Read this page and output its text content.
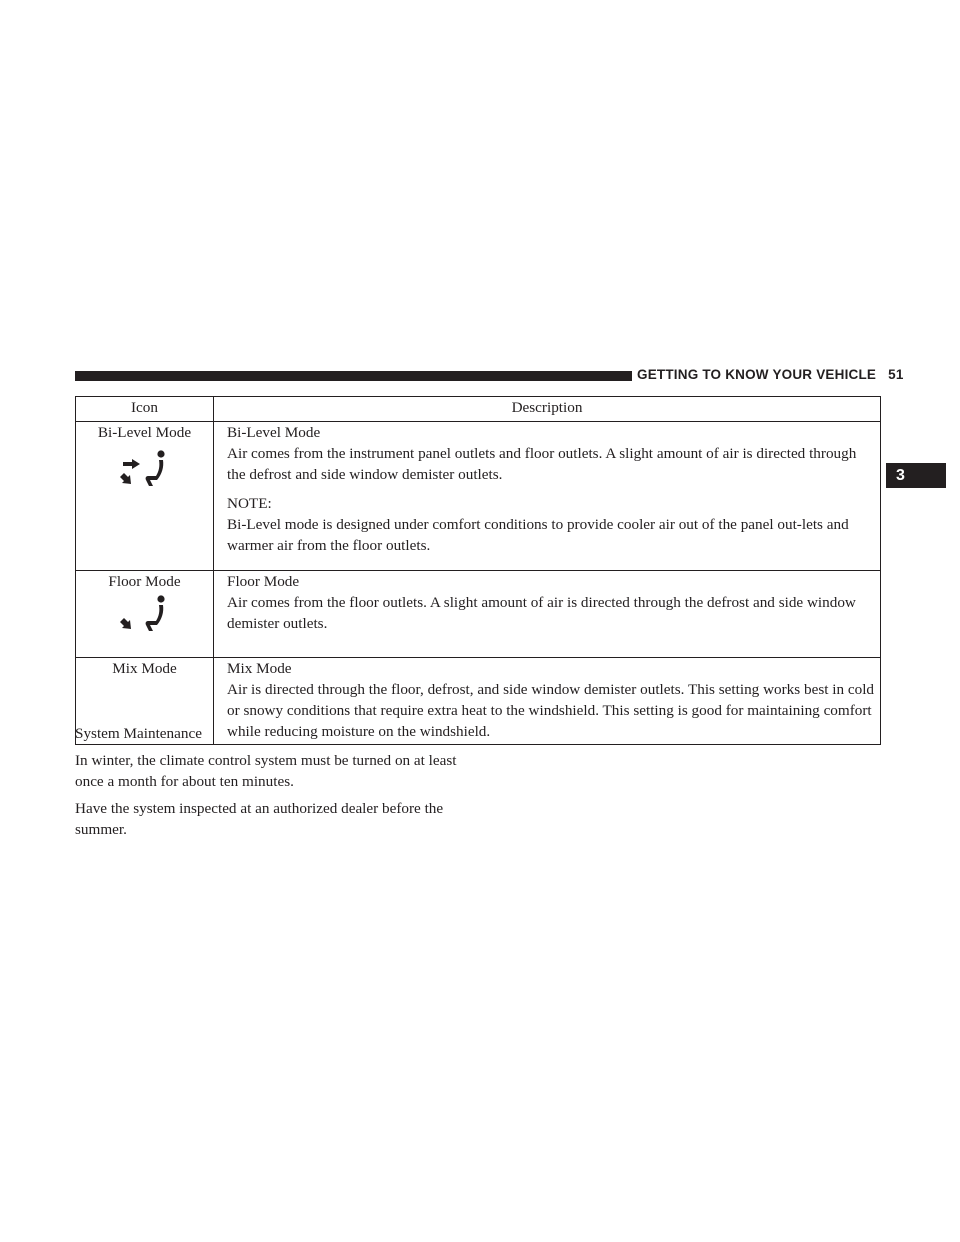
GETTING TO KNOW YOUR VEHICLE 51
3
Icon	Description

Bi-Level Mode	Bi-Level Mode
Air comes from the instrument panel outlets and floor outlets. A slight amount of air is directed through the defrost and side window demister outlets.
NOTE:
Bi-Level mode is designed under comfort conditions to provide cooler air out of the panel out-lets and warmer air from the floor outlets.

Floor Mode	Floor Mode
Air comes from the floor outlets. A slight amount of air is directed through the defrost and side window demister outlets.

Mix Mode	Mix Mode
Air is directed through the floor, defrost, and side window demister outlets. This setting works best in cold or snowy conditions that require extra heat to the windshield. This setting is good for maintaining comfort while reducing moisture on the windshield.
System Maintenance
In winter, the climate control system must be turned on at least once a month for about ten minutes.
Have the system inspected at an authorized dealer before the summer.
